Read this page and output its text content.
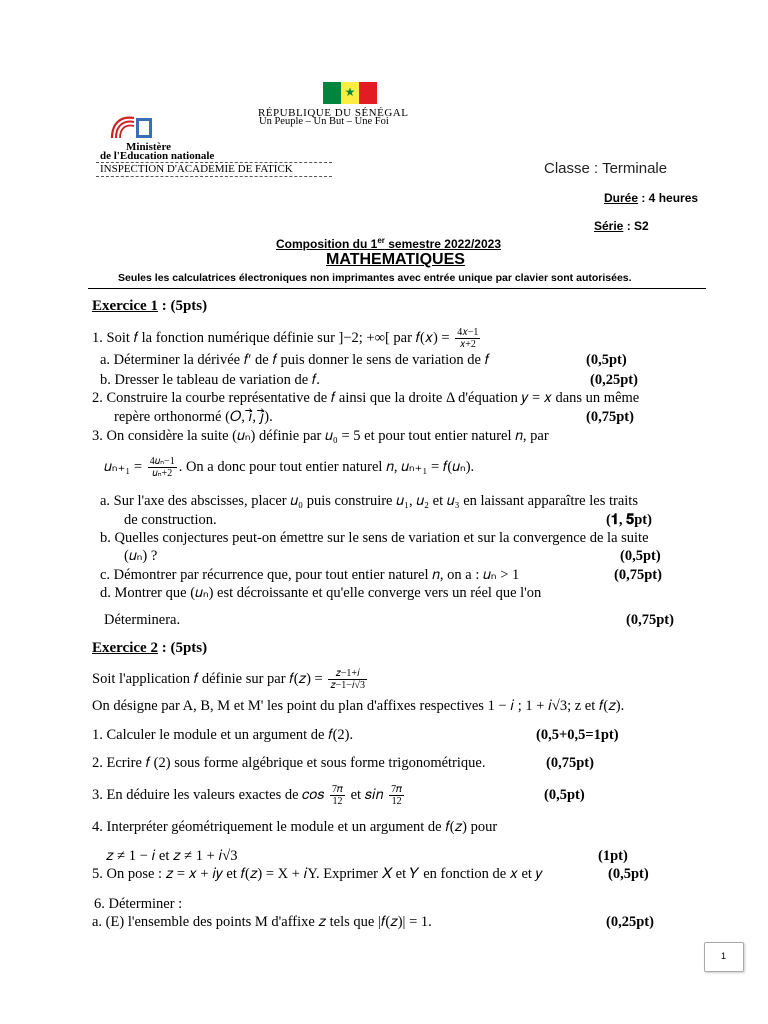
★
RÉPUBLIQUE DU SÉNÉGAL
Un Peuple – Un But – Une Foi
Ministère
de l'Education nationale
INSPECTION D'ACADEMIE DE FATICK	Classe : Terminale
Durée : 4 heures
Série : S2
Composition du 1er semestre 2022/2023
MATHEMATIQUES
Seules les calculatrices électroniques non imprimantes avec entrée unique par clavier sont autorisées.
Exercice 1 : (5pts)
1. Soit 𝑓 la fonction numérique définie sur ]−2; +∞[ par 𝑓(𝑥) = $\frac{\text{4𝑥−1}}{\text{𝑥+2}}$
a. Déterminer la dérivée 𝑓′ de 𝑓 puis donner le sens de variation de 𝑓	(0,5pt)
b. Dresser le tableau de variation de 𝑓.	(0,25pt)
2. Construire la courbe représentative de 𝑓 ainsi que la droite Δ d'équation 𝑦 = 𝑥 dans un même
repère orthonormé (𝑂, 𝑖⃗, 𝑗⃗).	(0,75pt)
3. On considère la suite (𝑢ₙ) définie par 𝑢₀ = 5 et pour tout entier naturel 𝑛, par
𝑢ₙ₊₁ = $\frac{\text{4𝑢ₙ−1}}{\text{𝑢ₙ+2}}$ . On a donc pour tout entier naturel 𝑛, 𝑢ₙ₊₁ = 𝑓(𝑢ₙ).
a. Sur l'axe des abscisses, placer 𝑢₀ puis construire 𝑢₁, 𝑢₂ et 𝑢₃ en laissant apparaître les traits
de construction.	(𝟏, 𝟓pt)
b. Quelles conjectures peut-on émettre sur le sens de variation et sur la convergence de la suite
(𝑢ₙ) ?	(0,5pt)
c. Démontrer par récurrence que, pour tout entier naturel 𝑛, on a : 𝑢ₙ > 1	(0,75pt)
d. Montrer que (𝑢ₙ) est décroissante et qu'elle converge vers un réel que l'on
Déterminera.	(0,75pt)
Exercice 2 : (5pts)
Soit l'application 𝑓 définie sur par 𝑓(𝑧) = $\frac{\text{𝑧−1+𝑖}}{\text{𝑧−1−𝑖√3}}$
On désigne par A, B, M et M' les point du plan d'affixes respectives 1 − 𝑖 ; 1 + 𝑖√3; z et 𝑓(𝑧).
1. Calculer le module et un argument de 𝑓(2).	(0,5+0,5=1pt)
2. Ecrire 𝑓 (2) sous forme algébrique et sous forme trigonométrique.	(0,75pt)
3. En déduire les valeurs exactes de 𝑐𝑜𝑠 $\frac{\text{7𝜋}}{12}$ et 𝑠𝑖𝑛 $\frac{\text{7𝜋}}{12}$	(0,5pt)
4. Interpréter géométriquement le module et un argument de 𝑓(𝑧) pour
𝑧 ≠ 1 − 𝑖 et 𝑧 ≠ 1 + 𝑖√3	(1pt)
5. On pose : 𝑧 = 𝑥 + 𝑖𝑦 et 𝑓(𝑧) = X + 𝑖Y. Exprimer 𝑋 et 𝑌 en fonction de 𝑥 et 𝑦	(0,5pt)
6. Déterminer :
a. (E) l'ensemble des points M d'affixe 𝑧 tels que |𝑓(𝑧)| = 1.	(0,25pt)
1
